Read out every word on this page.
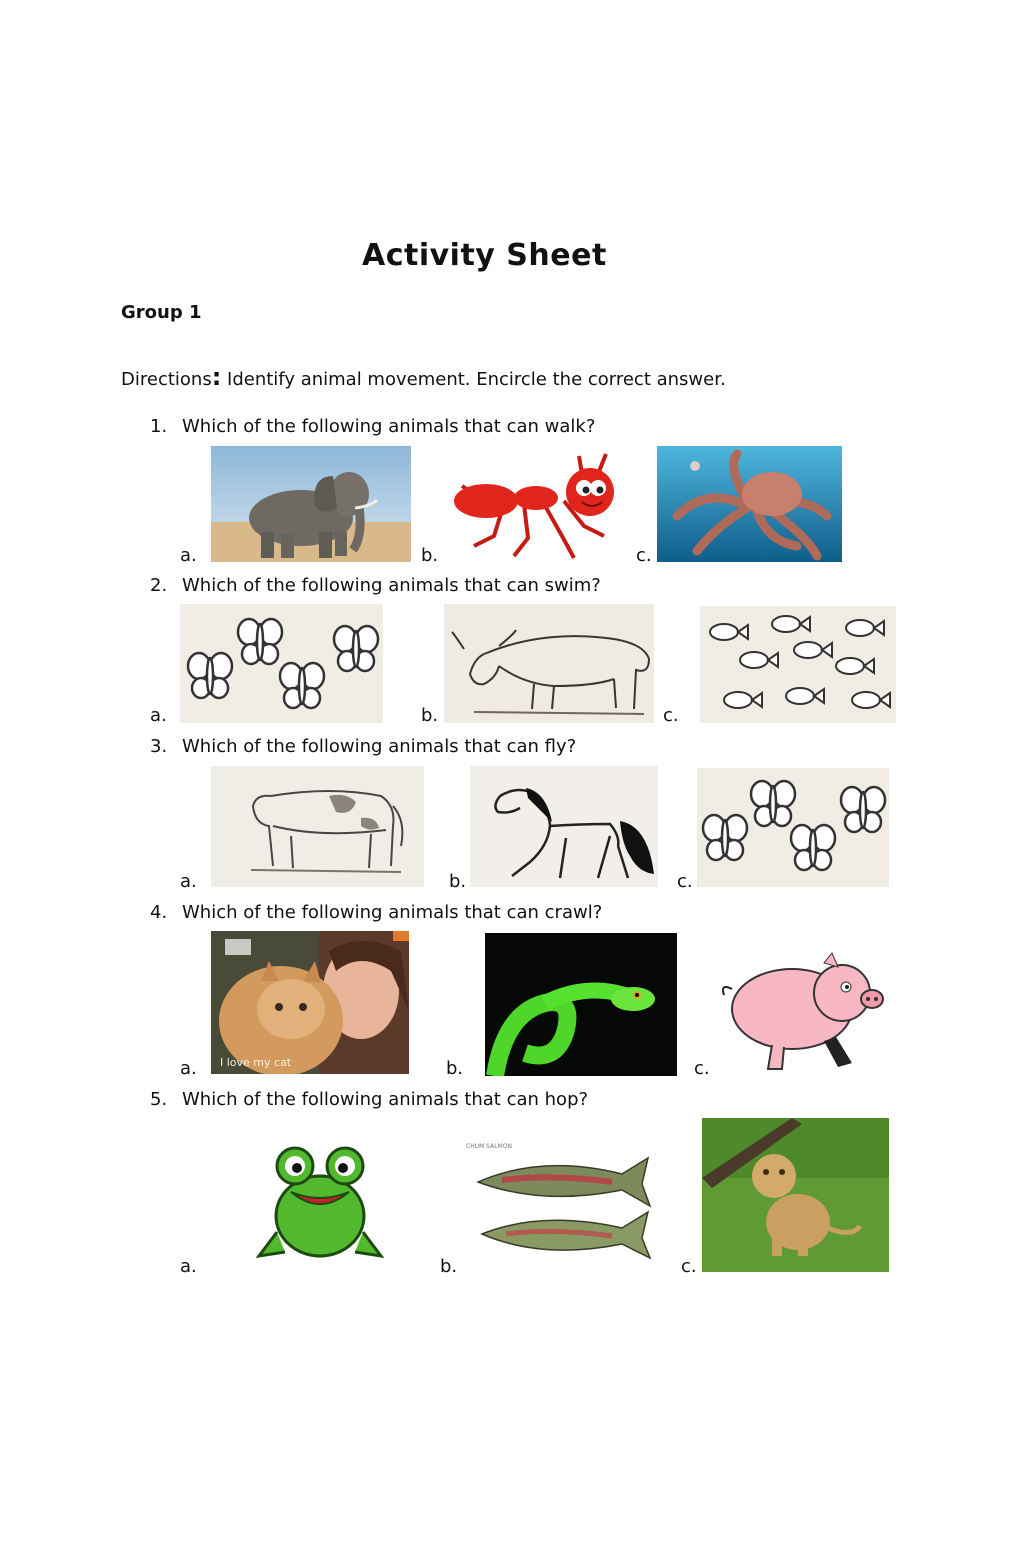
Activity Sheet
Group 1
Directions: Identify animal movement. Encircle the correct answer.
1. Which of the following animals that can walk?
a.	b.	c.
2. Which of the following animals that can swim?
a.	b.	c.
3. Which of the following animals that can fly?
a.	b.	c.
4. Which of the following animals that can crawl?
a.	b.	c.
I love my cat
5. Which of the following animals that can hop?
a.	b.	c.
CHUM SALMON
